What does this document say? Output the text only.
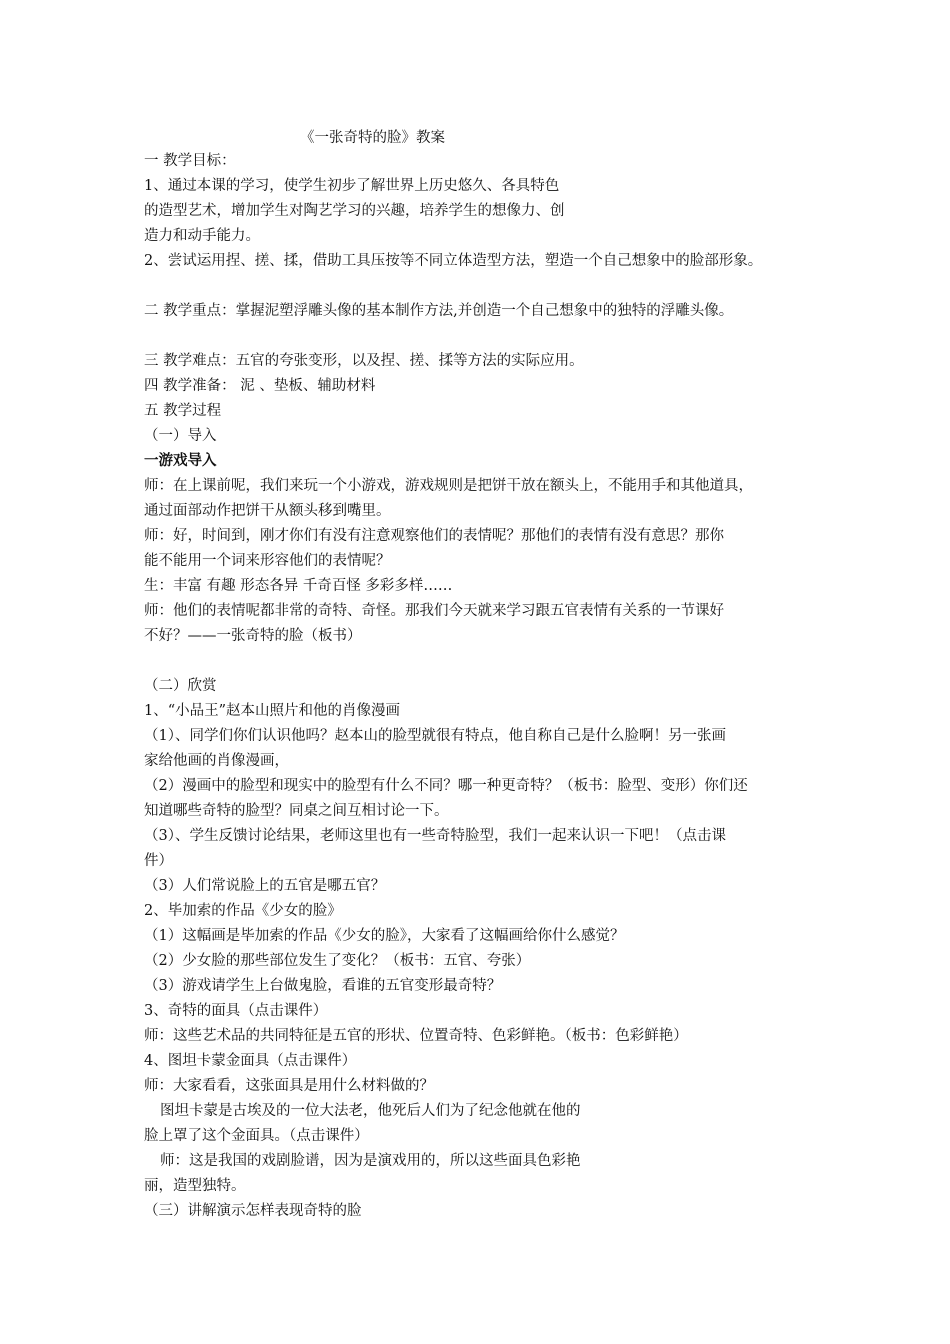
《一张奇特的脸》教案

一 教学目标：

1、通过本课的学习，使学生初步了解世界上历史悠久、各具特色

的造型艺术，增加学生对陶艺学习的兴趣，培养学生的想像力、创

造力和动手能力。

2、尝试运用捏、搓、揉，借助工具压按等不同立体造型方法，塑造一个自己想象中的脸部形象。

二 教学重点：掌握泥塑浮雕头像的基本制作方法,并创造一个自己想象中的独特的浮雕头像。

三 教学难点：五官的夸张变形，以及捏、搓、揉等方法的实际应用。

四 教学准备： 泥 、垫板、辅助材料

五 教学过程

（一）导入

一游戏导入

师：在上课前呢，我们来玩一个小游戏，游戏规则是把饼干放在额头上，不能用手和其他道具，

通过面部动作把饼干从额头移到嘴里。

师：好，时间到，刚才你们有没有注意观察他们的表情呢？那他们的表情有没有意思？那你

能不能用一个词来形容他们的表情呢？

生：丰富 有趣 形态各异 千奇百怪 多彩多样……

师：他们的表情呢都非常的奇特、奇怪。那我们今天就来学习跟五官表情有关系的一节课好

不好？——一张奇特的脸（板书）

（二）欣赏

1、“小品王”赵本山照片和他的肖像漫画

（1）、同学们你们认识他吗？赵本山的脸型就很有特点，他自称自己是什么脸啊！另一张画

家给他画的肖像漫画，

（2）漫画中的脸型和现实中的脸型有什么不同？哪一种更奇特？（板书：脸型、变形）你们还

知道哪些奇特的脸型？同桌之间互相讨论一下。

（3）、学生反馈讨论结果，老师这里也有一些奇特脸型，我们一起来认识一下吧！（点击课

件）

（3）人们常说脸上的五官是哪五官？

2、毕加索的作品《少女的脸》

（1）这幅画是毕加索的作品《少女的脸》，大家看了这幅画给你什么感觉？

（2）少女脸的那些部位发生了变化？（板书：五官、夸张）

（3）游戏请学生上台做鬼脸，看谁的五官变形最奇特？

3、奇特的面具（点击课件）

师：这些艺术品的共同特征是五官的形状、位置奇特、色彩鲜艳。（板书：色彩鲜艳）

4、图坦卡蒙金面具（点击课件）

师：大家看看，这张面具是用什么材料做的？

图坦卡蒙是古埃及的一位大法老，他死后人们为了纪念他就在他的

脸上罩了这个金面具。（点击课件）

师：这是我国的戏剧脸谱，因为是演戏用的，所以这些面具色彩艳

丽，造型独特。

（三）讲解演示怎样表现奇特的脸
